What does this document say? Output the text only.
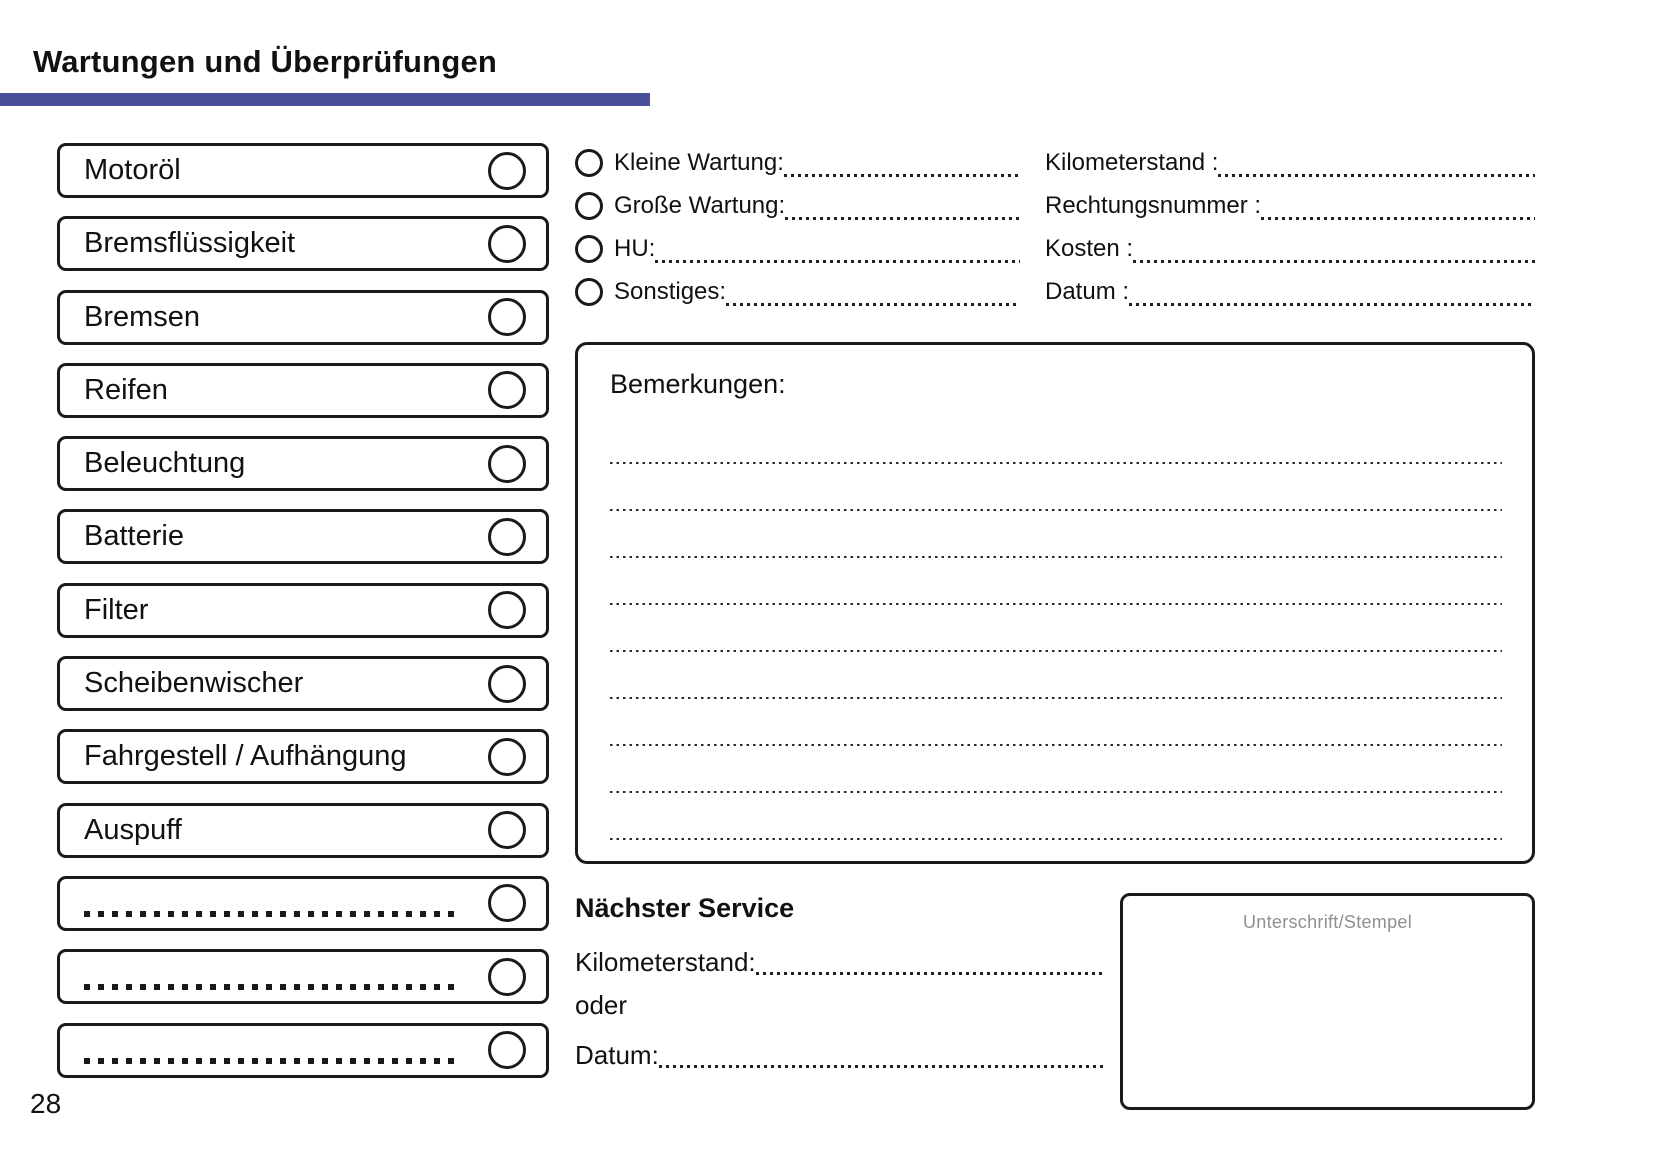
Wartungen und Überprüfungen
Motoröl
Bremsflüssigkeit
Bremsen
Reifen
Beleuchtung
Batterie
Filter
Scheibenwischer
Fahrgestell / Aufhängung
Auspuff
Kleine Wartung:
Große Wartung:
HU:
Sonstiges:
Kilometerstand :
Rechtungsnummer :
Kosten :
Datum :
Bemerkungen:
Nächster Service
Kilometerstand:
oder
Datum:
Unterschrift/Stempel
28
